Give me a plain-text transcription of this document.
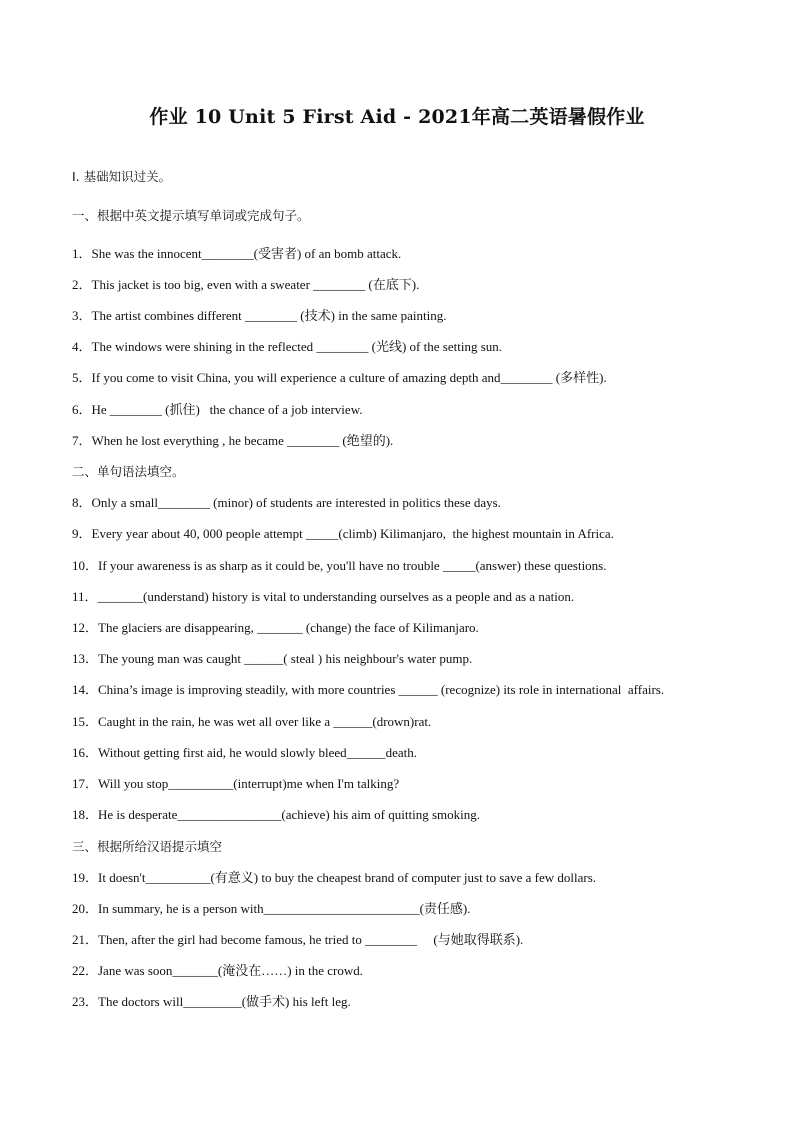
作业 10 Unit 5 First Aid - 2021年高二英语暑假作业
I. 基础知识过关。
一、根据中英文提示填写单词或完成句子。
1．She was the innocent________(受害者) of an bomb attack.
2．This jacket is too big, even with a sweater ________ (在底下).
3．The artist combines different ________ (技术) in the same painting.
4．The windows were shining in the reflected ________ (光线) of the setting sun.
5．If you come to visit China, you will experience a culture of amazing depth and________ (多样性).
6．He ________ (抓住)   the chance of a job interview.
7．When he lost everything , he became ________ (绝望的).
二、单句语法填空。
8．Only a small________ (minor) of students are interested in politics these days.
9．Every year about 40, 000 people attempt _____(climb) Kilimanjaro,  the highest mountain in Africa.
10．If your awareness is as sharp as it could be, you'll have no trouble _____(answer) these questions.
11．_______(understand) history is vital to understanding ourselves as a people and as a nation.
12．The glaciers are disappearing, _______ (change) the face of Kilimanjaro.
13．The young man was caught ______( steal ) his neighbour's water pump.
14．China’s image is improving steadily, with more countries ______ (recognize) its role in international  affairs.
15．Caught in the rain, he was wet all over like a ______(drown)rat.
16．Without getting first aid, he would slowly bleed______death.
17．Will you stop__________(interrupt)me when I'm talking?
18．He is desperate________________(achieve) his aim of quitting smoking.
三、根据所给汉语提示填空
19．It doesn't__________(有意义) to buy the cheapest brand of computer just to save a few dollars.
20．In summary, he is a person with________________________(责任感).
21．Then, after the girl had become famous, he tried to ________     (与她取得联系).
22．Jane was soon_______(淹没在……) in the crowd.
23．The doctors will_________(做手术) his left leg.
